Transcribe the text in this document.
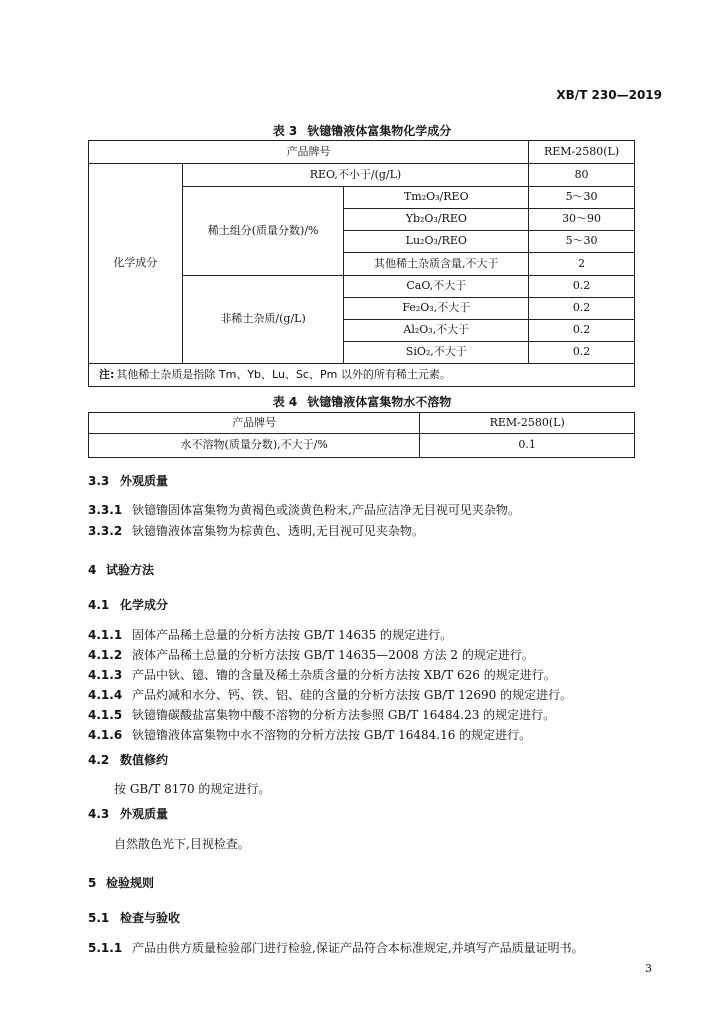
XB/T 230—2019
表 3 钬镱镥液体富集物化学成分
产品牌号			REM-2580(L)
化学成分	REO,不小于/(g/L)		80
	稀土组分(质量分数)/%	Tm₂O₃/REO	5～30
		Yb₂O₃/REO	30～90
		Lu₂O₃/REO	5～30
		其他稀土杂质含量,不大于	2
	非稀土杂质/(g/L)	CaO,不大于	0.2
		Fe₂O₃,不大于	0.2
		Al₂O₃,不大于	0.2
		SiO₂,不大于	0.2
注: 其他稀土杂质是指除 Tm、Yb、Lu、Sc、Pm 以外的所有稀土元素。			
表 4 钬镱镥液体富集物水不溶物
产品牌号	REM-2580(L)
水不溶物(质量分数),不大于/%	0.1
3.3 外观质量
3.3.1 钬镱镥固体富集物为黄褐色或淡黄色粉末,产品应洁净无目视可见夹杂物。
3.3.2 钬镱镥液体富集物为棕黄色、透明,无目视可见夹杂物。
4 试验方法
4.1 化学成分
4.1.1 固体产品稀土总量的分析方法按 GB/T 14635 的规定进行。
4.1.2 液体产品稀土总量的分析方法按 GB/T 14635—2008 方法 2 的规定进行。
4.1.3 产品中钬、镱、镥的含量及稀土杂质含量的分析方法按 XB/T 626 的规定进行。
4.1.4 产品灼减和水分、钙、铁、铝、硅的含量的分析方法按 GB/T 12690 的规定进行。
4.1.5 钬镱镥碳酸盐富集物中酸不溶物的分析方法参照 GB/T 16484.23 的规定进行。
4.1.6 钬镱镥液体富集物中水不溶物的分析方法按 GB/T 16484.16 的规定进行。
4.2 数值修约
按 GB/T 8170 的规定进行。
4.3 外观质量
自然散色光下,目视检查。
5 检验规则
5.1 检查与验收
5.1.1 产品由供方质量检验部门进行检验,保证产品符合本标准规定,并填写产品质量证明书。
3
